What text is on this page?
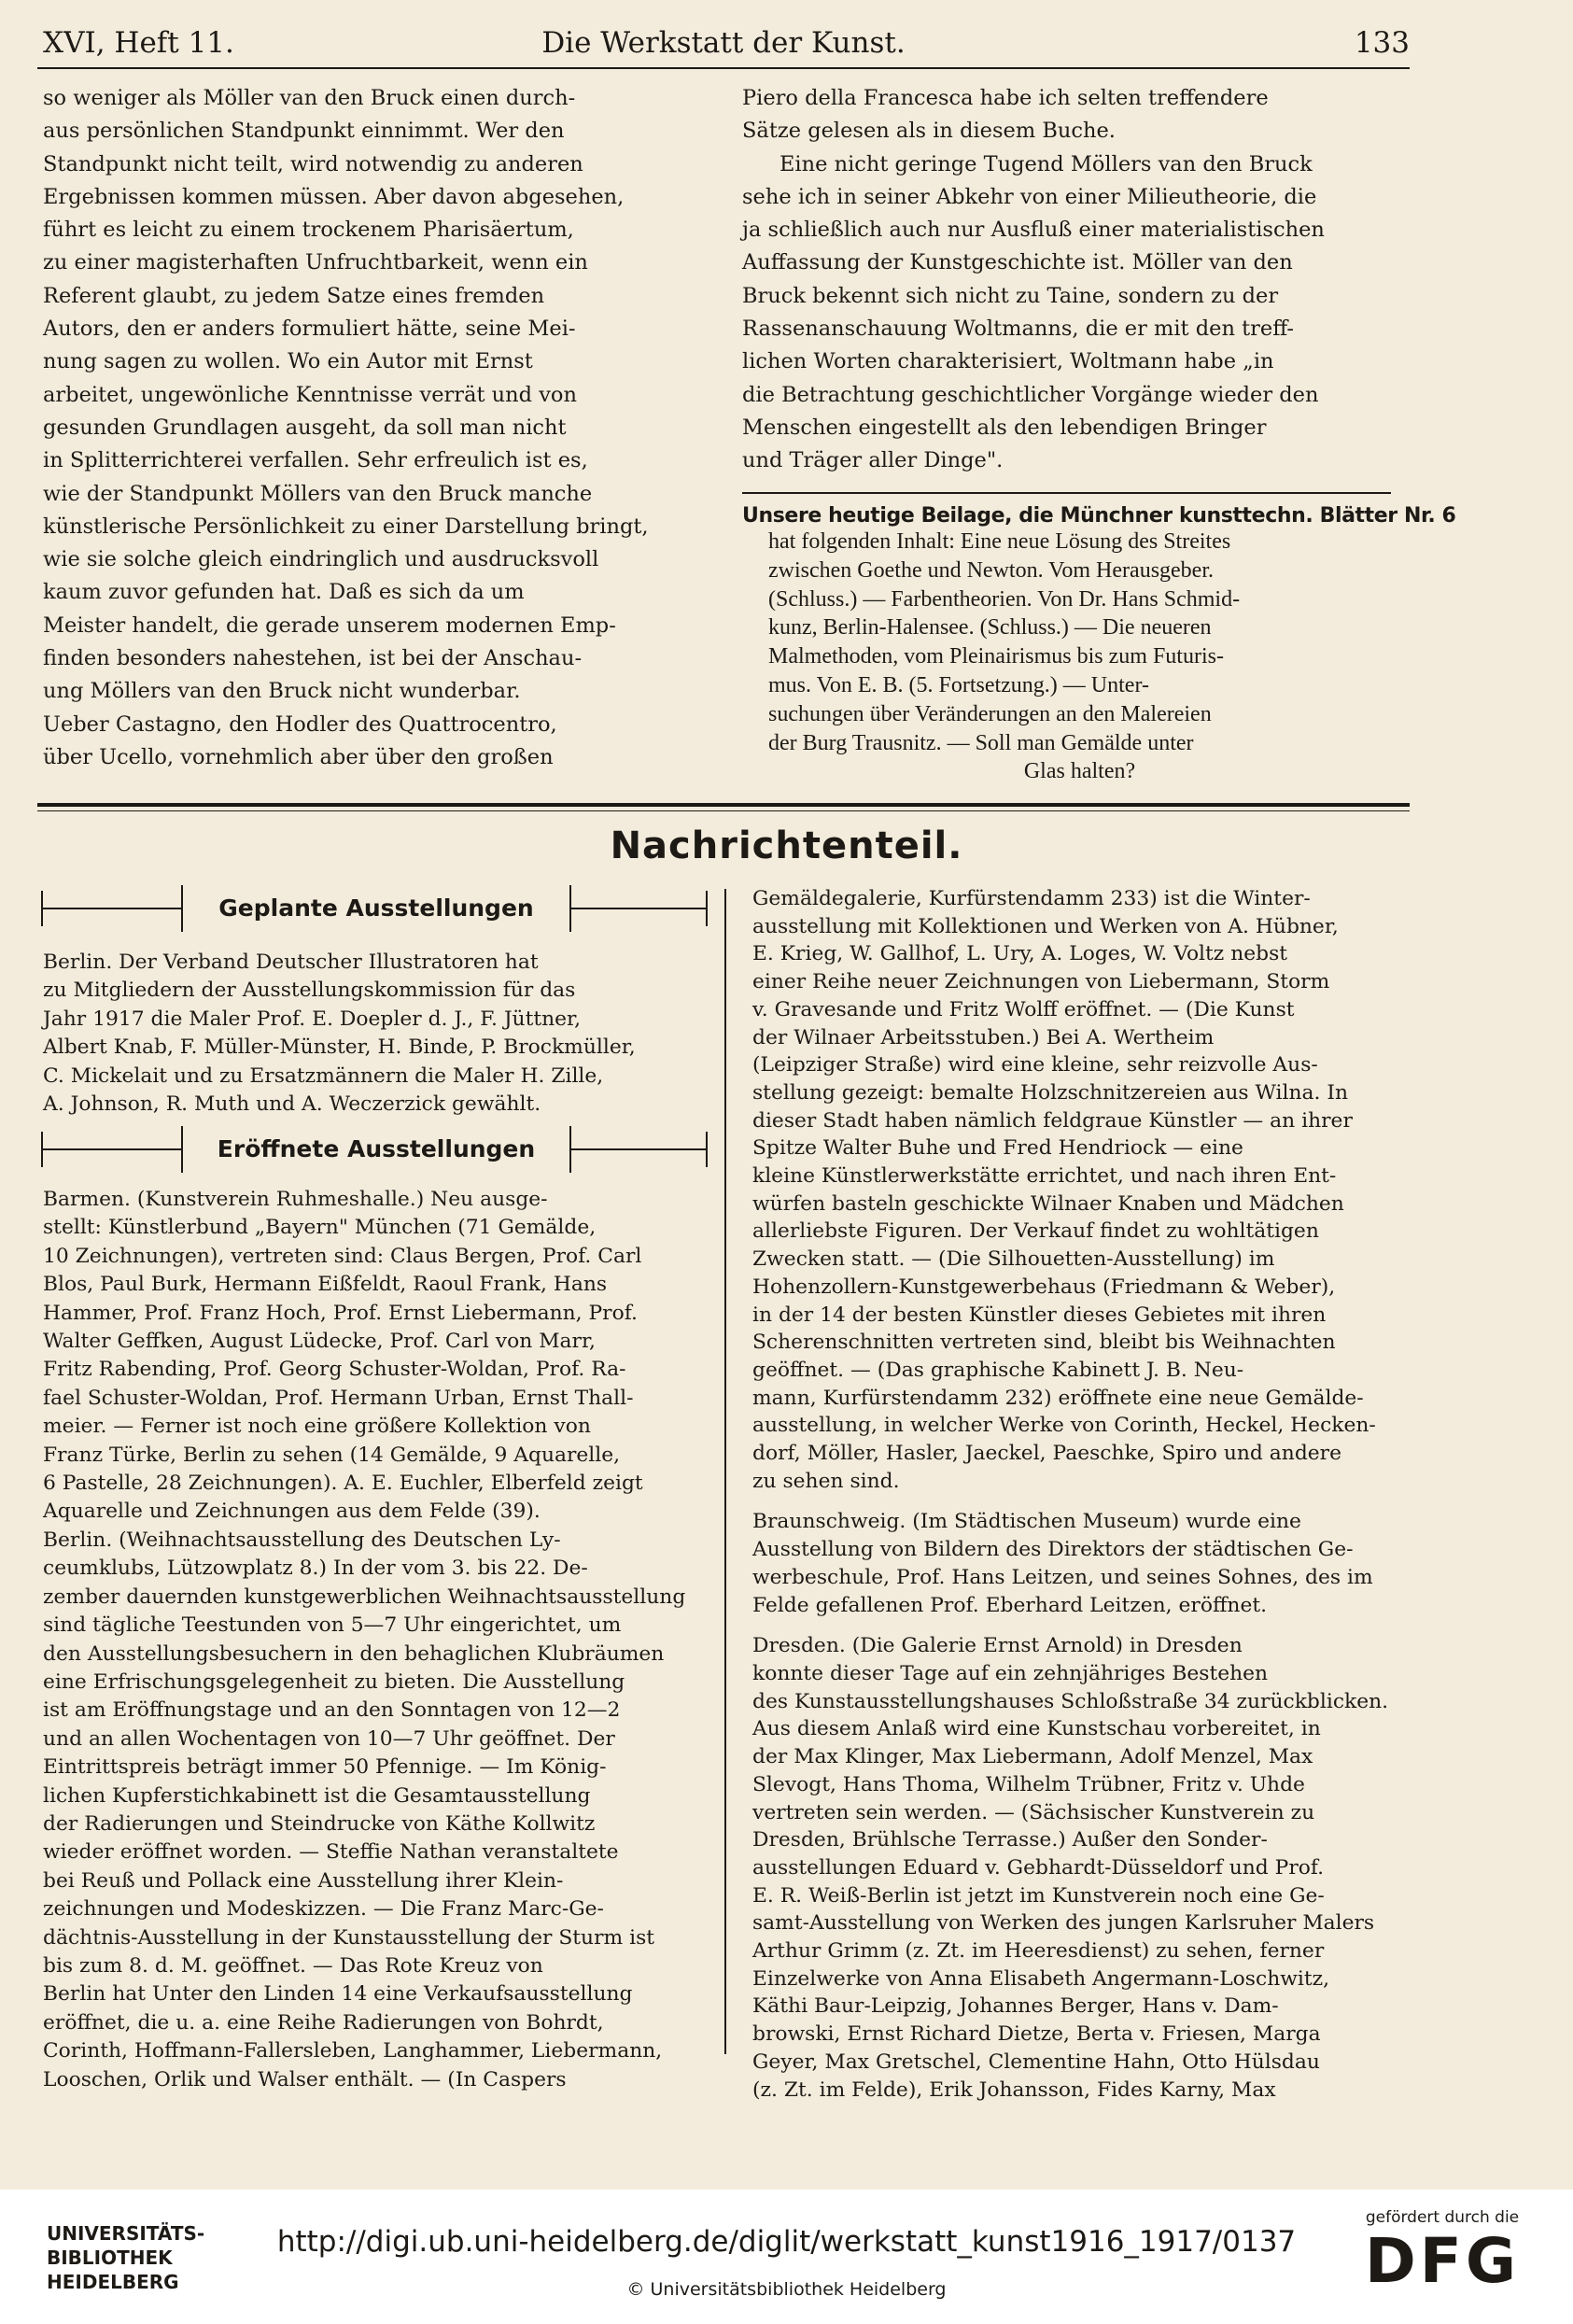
XVI, Heft 11.	Die Werkstatt der Kunst.	133
so weniger als Möller van den Bruck einen durch-
aus persönlichen Standpunkt einnimmt. Wer den
Standpunkt nicht teilt, wird notwendig zu anderen
Ergebnissen kommen müssen. Aber davon abgesehen,
führt es leicht zu einem trockenem Pharisäertum,
zu einer magisterhaften Unfruchtbarkeit, wenn ein
Referent glaubt, zu jedem Satze eines fremden
Autors, den er anders formuliert hätte, seine Mei-
nung sagen zu wollen. Wo ein Autor mit Ernst
arbeitet, ungewönliche Kenntnisse verrät und von
gesunden Grundlagen ausgeht, da soll man nicht
in Splitterrichterei verfallen. Sehr erfreulich ist es,
wie der Standpunkt Möllers van den Bruck manche
künstlerische Persönlichkeit zu einer Darstellung bringt,
wie sie solche gleich eindringlich und ausdrucksvoll
kaum zuvor gefunden hat. Daß es sich da um
Meister handelt, die gerade unserem modernen Emp-
finden besonders nahestehen, ist bei der Anschau-
ung Möllers van den Bruck nicht wunderbar.
Ueber Castagno, den Hodler des Quattrocentro,
über Ucello, vornehmlich aber über den großen
Piero della Francesca habe ich selten treffendere
Sätze gelesen als in diesem Buche.
Eine nicht geringe Tugend Möllers van den Bruck
sehe ich in seiner Abkehr von einer Milieutheorie, die
ja schließlich auch nur Ausfluß einer materialistischen
Auffassung der Kunstgeschichte ist. Möller van den
Bruck bekennt sich nicht zu Taine, sondern zu der
Rassenanschauung Woltmanns, die er mit den treff-
lichen Worten charakterisiert, Woltmann habe „in
die Betrachtung geschichtlicher Vorgänge wieder den
Menschen eingestellt als den lebendigen Bringer
und Träger aller Dinge".
Unsere heutige Beilage, die Münchner kunsttechn. Blätter Nr. 6
hat folgenden Inhalt: Eine neue Lösung des Streites
zwischen Goethe und Newton. Vom Herausgeber.
(Schluss.) — Farbentheorien. Von Dr. Hans Schmid-
kunz, Berlin-Halensee. (Schluss.) — Die neueren
Malmethoden, vom Pleinairismus bis zum Futuris-
mus. Von E. B. (5. Fortsetzung.) — Unter-
suchungen über Veränderungen an den Malereien
der Burg Trausnitz. — Soll man Gemälde unter
Glas halten?
Nachrichtenteil.
Geplante Ausstellungen
Berlin. Der Verband Deutscher Illustratoren hat
zu Mitgliedern der Ausstellungskommission für das
Jahr 1917 die Maler Prof. E. Doepler d. J., F. Jüttner,
Albert Knab, F. Müller-Münster, H. Binde, P. Brockmüller,
C. Mickelait und zu Ersatzmännern die Maler H. Zille,
A. Johnson, R. Muth und A. Weczerzick gewählt.
Eröffnete Ausstellungen
Barmen. (Kunstverein Ruhmeshalle.) Neu ausge-
stellt: Künstlerbund „Bayern" München (71 Gemälde,
10 Zeichnungen), vertreten sind: Claus Bergen, Prof. Carl
Blos, Paul Burk, Hermann Eißfeldt, Raoul Frank, Hans
Hammer, Prof. Franz Hoch, Prof. Ernst Liebermann, Prof.
Walter Geffken, August Lüdecke, Prof. Carl von Marr,
Fritz Rabending, Prof. Georg Schuster-Woldan, Prof. Ra-
fael Schuster-Woldan, Prof. Hermann Urban, Ernst Thall-
meier. — Ferner ist noch eine größere Kollektion von
Franz Türke, Berlin zu sehen (14 Gemälde, 9 Aquarelle,
6 Pastelle, 28 Zeichnungen). A. E. Euchler, Elberfeld zeigt
Aquarelle und Zeichnungen aus dem Felde (39).
Berlin. (Weihnachtsausstellung des Deutschen Ly-
ceumklubs, Lützowplatz 8.) In der vom 3. bis 22. De-
zember dauernden kunstgewerblichen Weihnachtsausstellung
sind tägliche Teestunden von 5—7 Uhr eingerichtet, um
den Ausstellungsbesuchern in den behaglichen Klubräumen
eine Erfrischungsgelegenheit zu bieten. Die Ausstellung
ist am Eröffnungstage und an den Sonntagen von 12—2
und an allen Wochentagen von 10—7 Uhr geöffnet. Der
Eintrittspreis beträgt immer 50 Pfennige. — Im König-
lichen Kupferstichkabinett ist die Gesamtausstellung
der Radierungen und Steindrucke von Käthe Kollwitz
wieder eröffnet worden. — Steffie Nathan veranstaltete
bei Reuß und Pollack eine Ausstellung ihrer Klein-
zeichnungen und Modeskizzen. — Die Franz Marc-Ge-
dächtnis-Ausstellung in der Kunstausstellung der Sturm ist
bis zum 8. d. M. geöffnet. — Das Rote Kreuz von
Berlin hat Unter den Linden 14 eine Verkaufsausstellung
eröffnet, die u. a. eine Reihe Radierungen von Bohrdt,
Corinth, Hoffmann-Fallersleben, Langhammer, Liebermann,
Looschen, Orlik und Walser enthält. — (In Caspers
Gemäldegalerie, Kurfürstendamm 233) ist die Winter-
ausstellung mit Kollektionen und Werken von A. Hübner,
E. Krieg, W. Gallhof, L. Ury, A. Loges, W. Voltz nebst
einer Reihe neuer Zeichnungen von Liebermann, Storm
v. Gravesande und Fritz Wolff eröffnet. — (Die Kunst
der Wilnaer Arbeitsstuben.) Bei A. Wertheim
(Leipziger Straße) wird eine kleine, sehr reizvolle Aus-
stellung gezeigt: bemalte Holzschnitzereien aus Wilna. In
dieser Stadt haben nämlich feldgraue Künstler — an ihrer
Spitze Walter Buhe und Fred Hendriock — eine
kleine Künstlerwerkstätte errichtet, und nach ihren Ent-
würfen basteln geschickte Wilnaer Knaben und Mädchen
allerliebste Figuren. Der Verkauf findet zu wohltätigen
Zwecken statt. — (Die Silhouetten-Ausstellung) im
Hohenzollern-Kunstgewerbehaus (Friedmann & Weber),
in der 14 der besten Künstler dieses Gebietes mit ihren
Scherenschnitten vertreten sind, bleibt bis Weihnachten
geöffnet. — (Das graphische Kabinett J. B. Neu-
mann, Kurfürstendamm 232) eröffnete eine neue Gemälde-
ausstellung, in welcher Werke von Corinth, Heckel, Hecken-
dorf, Möller, Hasler, Jaeckel, Paeschke, Spiro und andere
zu sehen sind.
Braunschweig. (Im Städtischen Museum) wurde eine
Ausstellung von Bildern des Direktors der städtischen Ge-
werbeschule, Prof. Hans Leitzen, und seines Sohnes, des im
Felde gefallenen Prof. Eberhard Leitzen, eröffnet.
Dresden. (Die Galerie Ernst Arnold) in Dresden
konnte dieser Tage auf ein zehnjähriges Bestehen
des Kunstausstellungshauses Schloßstraße 34 zurückblicken.
Aus diesem Anlaß wird eine Kunstschau vorbereitet, in
der Max Klinger, Max Liebermann, Adolf Menzel, Max
Slevogt, Hans Thoma, Wilhelm Trübner, Fritz v. Uhde
vertreten sein werden. — (Sächsischer Kunstverein zu
Dresden, Brühlsche Terrasse.) Außer den Sonder-
ausstellungen Eduard v. Gebhardt-Düsseldorf und Prof.
E. R. Weiß-Berlin ist jetzt im Kunstverein noch eine Ge-
samt-Ausstellung von Werken des jungen Karlsruher Malers
Arthur Grimm (z. Zt. im Heeresdienst) zu sehen, ferner
Einzelwerke von Anna Elisabeth Angermann-Loschwitz,
Käthi Baur-Leipzig, Johannes Berger, Hans v. Dam-
browski, Ernst Richard Dietze, Berta v. Friesen, Marga
Geyer, Max Gretschel, Clementine Hahn, Otto Hülsdau
(z. Zt. im Felde), Erik Johansson, Fides Karny, Max
UNIVERSITÄTS-
BIBLIOTHEK
HEIDELBERG
http://digi.ub.uni-heidelberg.de/diglit/werkstatt_kunst1916_1917/0137
© Universitätsbibliothek Heidelberg
gefördert durch die
DFG
